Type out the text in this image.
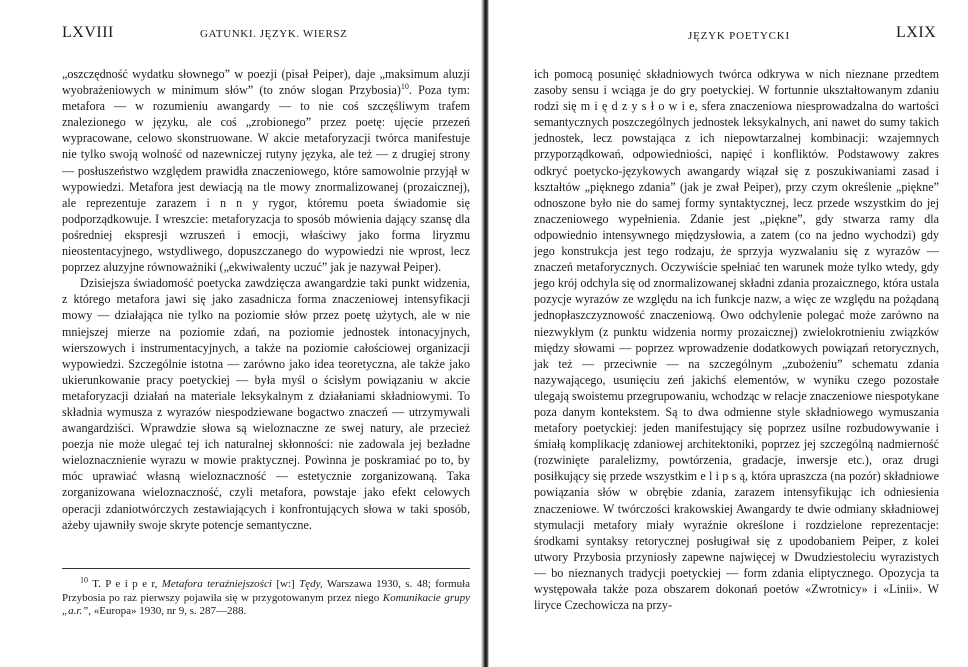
LXVIII	GATUNKI. JĘZYK. WIERSZ

„oszczędność wydatku słownego” w poezji (pisał Peiper), daje „maksimum aluzji wyobrażeniowych w minimum słów” (to znów slogan Przybosia)$^{10}$. Poza tym: metafora — w rozumieniu awangardy — to nie coś szczęśliwym trafem znalezionego w języku, ale coś „zrobionego” przez poetę: ujęcie przezeń wypracowane, celowo skonstruowane. W akcie metaforyzacji twórca manifestuje nie tylko swoją wolność od nazewniczej rutyny języka, ale też — z drugiej strony — posłuszeństwo względem prawidła znaczeniowego, które samowolnie przyjął w wypowiedzi. Metafora jest dewiacją na tle mowy znormalizowanej (prozaicznej), ale reprezentuje zarazem i n n y rygor, któremu poeta świadomie się podporządkowuje. I wreszcie: metaforyzacja to sposób mówienia dający szansę dla pośredniej ekspresji wzruszeń i emocji, właściwy jako forma liryzmu nieostentacyjnego, wstydliwego, dopuszczanego do wypowiedzi nie wprost, lecz poprzez aluzyjne równoważniki („ekwiwalenty uczuć” jak je nazywał Peiper).

Dzisiejsza świadomość poetycka zawdzięcza awangardzie taki punkt widzenia, z którego metafora jawi się jako zasadnicza forma znaczeniowej intensyfikacji mowy — działająca nie tylko na poziomie słów przez poetę użytych, ale w nie mniejszej mierze na poziomie zdań, na poziomie jednostek intonacyjnych, wierszowych i instrumentacyjnych, a także na poziomie całościowej organizacji wypowiedzi. Szczególnie istotna — zarówno jako idea teoretyczna, ale także jako ukierunkowanie pracy poetyckiej — była myśl o ścisłym powiązaniu w akcie metaforyzacji działań na materiale leksykalnym z działaniami składniowymi. To składnia wymusza z wyrazów niespodziewane bogactwo znaczeń — utrzymywali awangardziści. Wprawdzie słowa są wieloznaczne ze swej natury, ale przecież poezja nie może ulegać tej ich naturalnej skłonności: nie zadowala jej bezładne wieloznacznienie wyrazu w mowie praktycznej. Powinna je poskramiać po to, by móc uprawiać własną wieloznaczność — estetycznie zorganizowaną. Taka zorganizowana wieloznaczność, czyli metafora, powstaje jako efekt celowych operacji zdaniotwórczych zestawiających i konfrontujących słowa w taki sposób, ażeby ujawniły swoje skryte potencje semantyczne.

$^{10}$ T. P e i p e r, Metafora teraźniejszości [w:] Tędy, Warszawa 1930, s. 48; formuła Przybosia po raz pierwszy pojawiła się w przygotowanym przez niego Komunikacie grupy „a.r.”, «Europa» 1930, nr 9, s. 287—288.
JĘZYK POETYCKI	LXIX

ich pomocą posunięć składniowych twórca odkrywa w nich nieznane przedtem zasoby sensu i wciąga je do gry poetyckiej. W fortunnie ukształtowanym zdaniu rodzi się m i ę d z y s ł o w i e, sfera znaczeniowa niesprowadzalna do wartości semantycznych poszczególnych jednostek leksykalnych, ani nawet do sumy takich jednostek, lecz powstająca z ich niepowtarzalnej kombinacji: wzajemnych przyporządkowań, odpowiedniości, napięć i konfliktów. Podstawowy zakres odkryć poetycko-językowych awangardy wiązał się z poszukiwaniami zasad i kształtów „pięknego zdania” (jak je zwał Peiper), przy czym określenie „piękne” odnoszone było nie do samej formy syntaktycznej, lecz przede wszystkim do jej znaczeniowego wypełnienia. Zdanie jest „piękne”, gdy stwarza ramy dla odpowiednio intensywnego międzysłowia, a zatem (co na jedno wychodzi) gdy jego konstrukcja jest tego rodzaju, że sprzyja wyzwalaniu się z wyrazów — znaczeń metaforycznych. Oczywiście spełniać ten warunek może tylko wtedy, gdy jego krój odchyla się od znormalizowanej składni zdania prozaicznego, która ustala pozycje wyrazów ze względu na ich funkcje nazw, a więc ze względu na pożądaną jednopłaszczyznowość znaczeniową. Owo odchylenie polegać może zarówno na niezwykłym (z punktu widzenia normy prozaicznej) zwielokrotnieniu związków między słowami — poprzez wprowadzenie dodatkowych powiązań retorycznych, jak też — przeciwnie — na szczególnym „zubożeniu” schematu zdania nazywającego, usunięciu zeń jakichś elementów, w wyniku czego pozostałe ulegają swoistemu przegrupowaniu, wchodząc w relacje znaczeniowe niespotykane poza danym kontekstem. Są to dwa odmienne style składniowego wymuszania metafory poetyckiej: jeden manifestujący się poprzez usilne rozbudowywanie i śmiałą komplikację zdaniowej architektoniki, poprzez jej szczególną nadmierność (rozwinięte paralelizmy, powtórzenia, gradacje, inwersje etc.), oraz drugi posiłkujący się przede wszystkim e l i p s ą, która upraszcza (na pozór) składniowe powiązania słów w obrębie zdania, zarazem intensyfikując ich odniesienia znaczeniowe. W twórczości krakowskiej Awangardy te dwie odmiany składniowej stymulacji metafory miały wyraźnie określone i rozdzielone reprezentacje: środkami syntaksy retorycznej posługiwał się z upodobaniem Peiper, z kolei utwory Przybosia przyniosły zapewne najwięcej w Dwudziestoleciu wyrazistych — bo nieznanych tradycji poetyckiej — form zdania eliptycznego. Opozycja ta występowała także poza obszarem dokonań poetów «Zwrotnicy» i «Linii». W liryce Czechowicza na przy-
